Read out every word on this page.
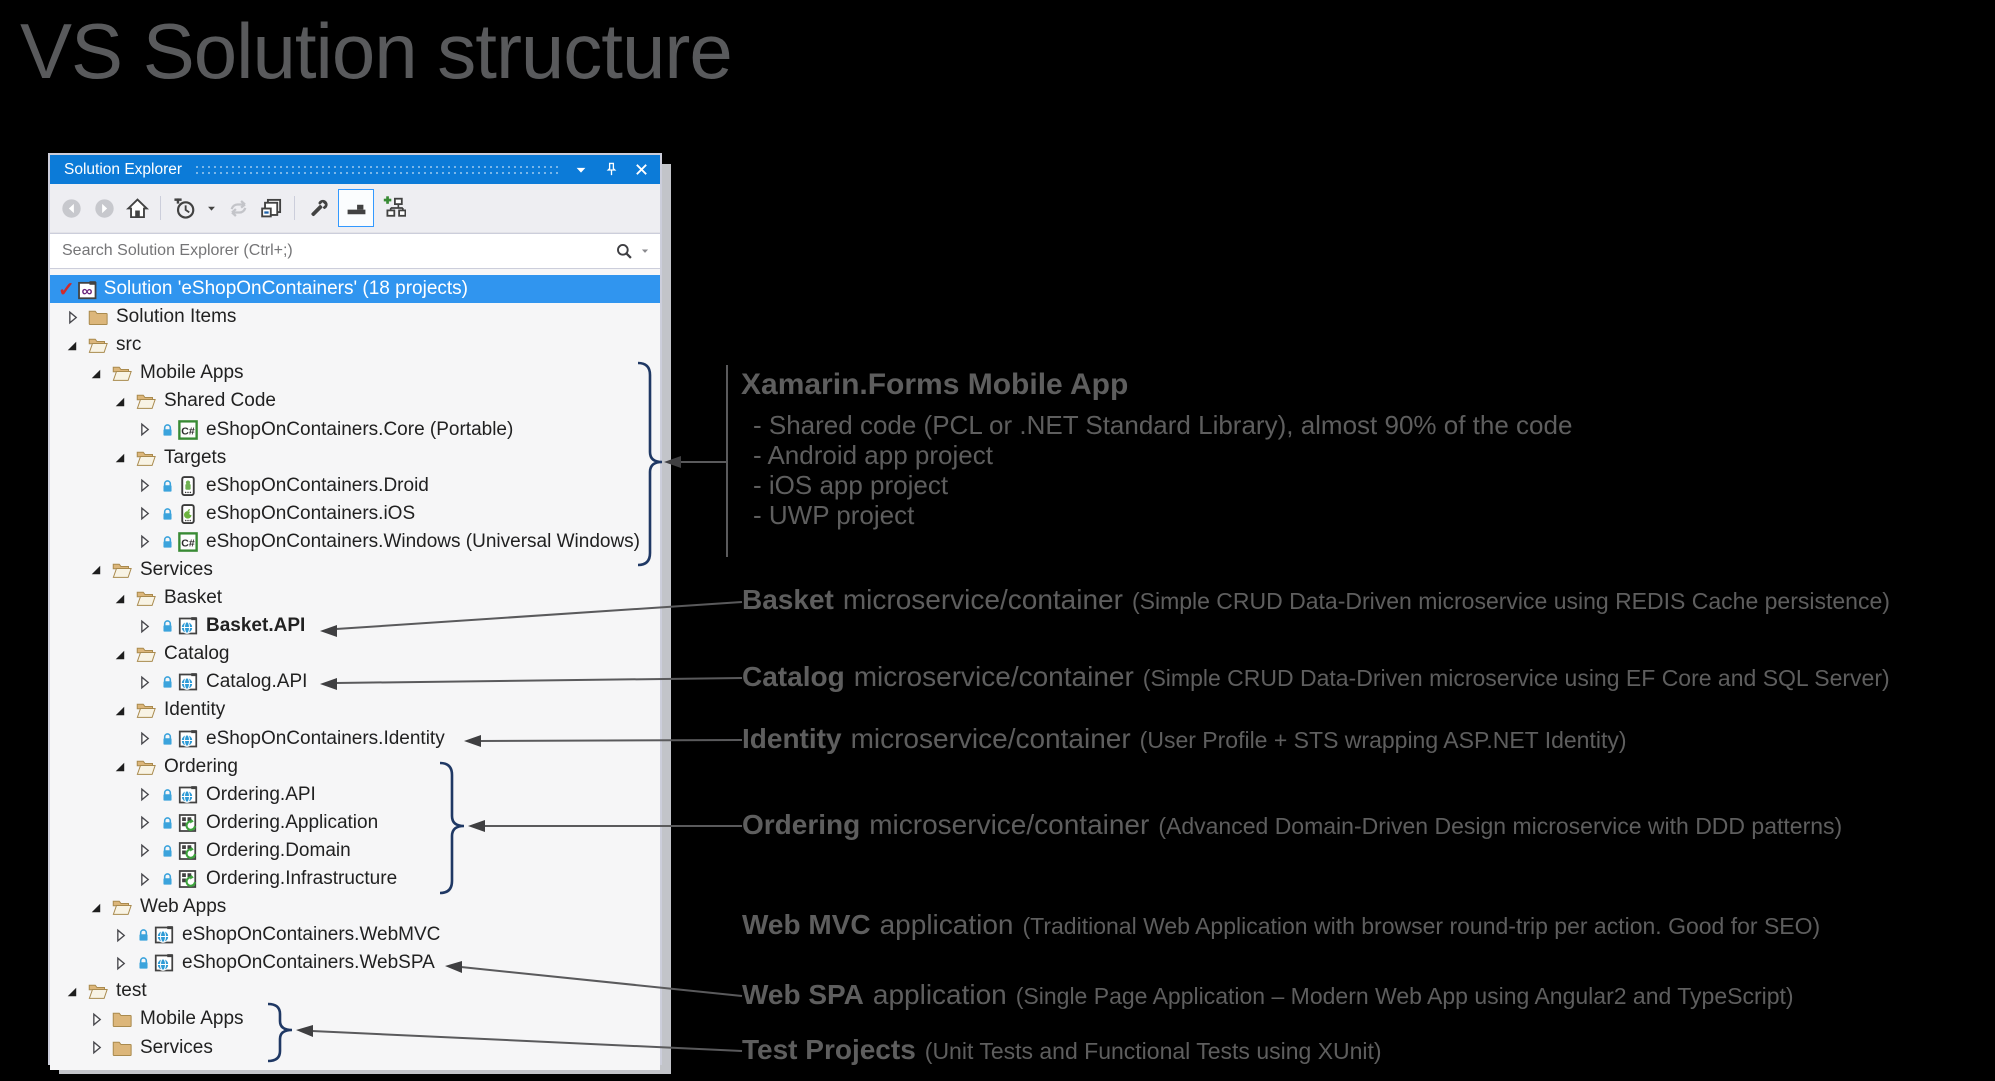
VS Solution structure
Solution Explorer
Search Solution Explorer (Ctrl+;)
✓ ∞ Solution 'eShopOnContainers' (18 projects)
Solution Items
src
Mobile Apps
Shared Code
C# eShopOnContainers.Core (Portable)
Targets
eShopOnContainers.Droid
eShopOnContainers.iOS
C# eShopOnContainers.Windows (Universal Windows)
Services
Basket
Basket.API
Catalog
Catalog.API
Identity
eShopOnContainers.Identity
Ordering
Ordering.API
Ordering.Application
Ordering.Domain
Ordering.Infrastructure
Web Apps
eShopOnContainers.WebMVC
eShopOnContainers.WebSPA
test
Mobile Apps
Services
Xamarin.Forms Mobile App
- Shared code (PCL or .NET Standard Library), almost 90% of the code
- Android app project
- iOS app project
- UWP project
Basket microservice/container (Simple CRUD Data-Driven microservice using REDIS Cache persistence)
Catalog microservice/container (Simple CRUD Data-Driven microservice using EF Core and SQL Server)
Identity microservice/container (User Profile + STS wrapping ASP.NET Identity)
Ordering microservice/container (Advanced Domain-Driven Design microservice with DDD patterns)
Web MVC application (Traditional Web Application with browser round-trip per action. Good for SEO)
Web SPA application (Single Page Application – Modern Web App using Angular2 and TypeScript)
Test Projects (Unit Tests and Functional Tests using XUnit)
